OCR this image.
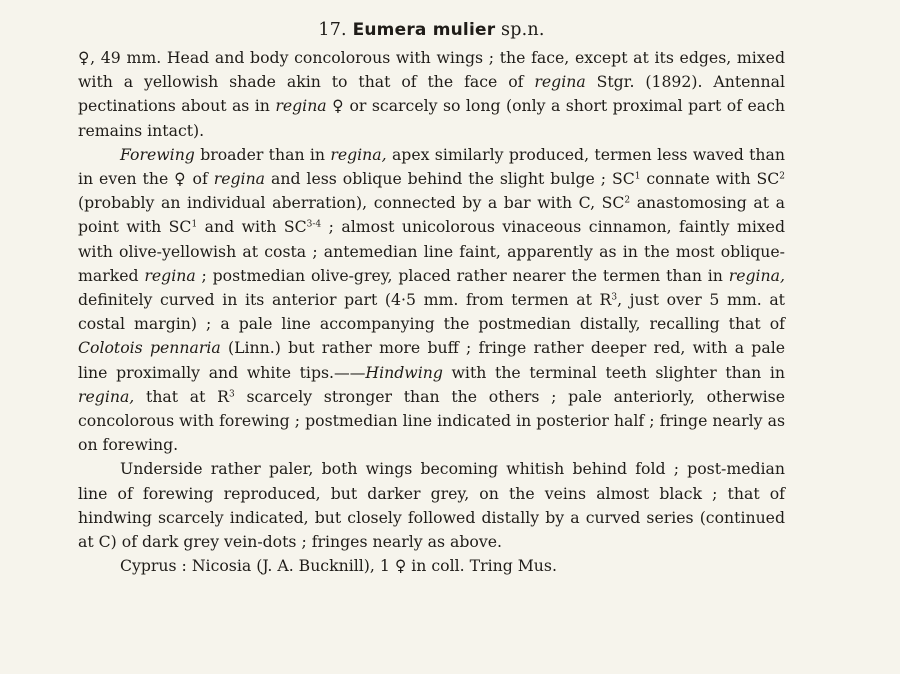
17. Eumera mulier sp.n.

♀, 49 mm. Head and body concolorous with wings ; the face, except at its edges, mixed with a yellowish shade akin to that of the face of regina Stgr. (1892). Antennal pectinations about as in regina ♀ or scarcely so long (only a short proximal part of each remains intact).

Forewing broader than in regina, apex similarly produced, termen less waved than in even the ♀ of regina and less oblique behind the slight bulge ; $SC^1$ connate with $SC^2$ (probably an individual aberration), connected by a bar with C, $SC^2$ anastomosing at a point with $SC^1$ and with SC$^{3-4}$ ; almost unicolorous vinaceous cinnamon, faintly mixed with olive-yellowish at costa ; antemedian line faint, apparently as in the most oblique-marked regina ; postmedian olive-grey, placed rather nearer the termen than in regina, definitely curved in its anterior part (4·5 mm. from termen at $R^3$, just over 5 mm. at costal margin) ; a pale line accompanying the postmedian distally, recalling that of Colotois pennaria (Linn.) but rather more buff ; fringe rather deeper red, with a pale line proximally and white tips.——Hindwing with the terminal teeth slighter than in regina, that at $R^3$ scarcely stronger than the others ; pale anteriorly, otherwise concolorous with forewing ; postmedian line indicated in posterior half ; fringe nearly as on forewing.

Underside rather paler, both wings becoming whitish behind fold ; post-median line of forewing reproduced, but darker grey, on the veins almost black ; that of hindwing scarcely indicated, but closely followed distally by a curved series (continued at C) of dark grey vein-dots ; fringes nearly as above.

Cyprus : Nicosia (J. A. Bucknill), 1 ♀ in coll. Tring Mus.
